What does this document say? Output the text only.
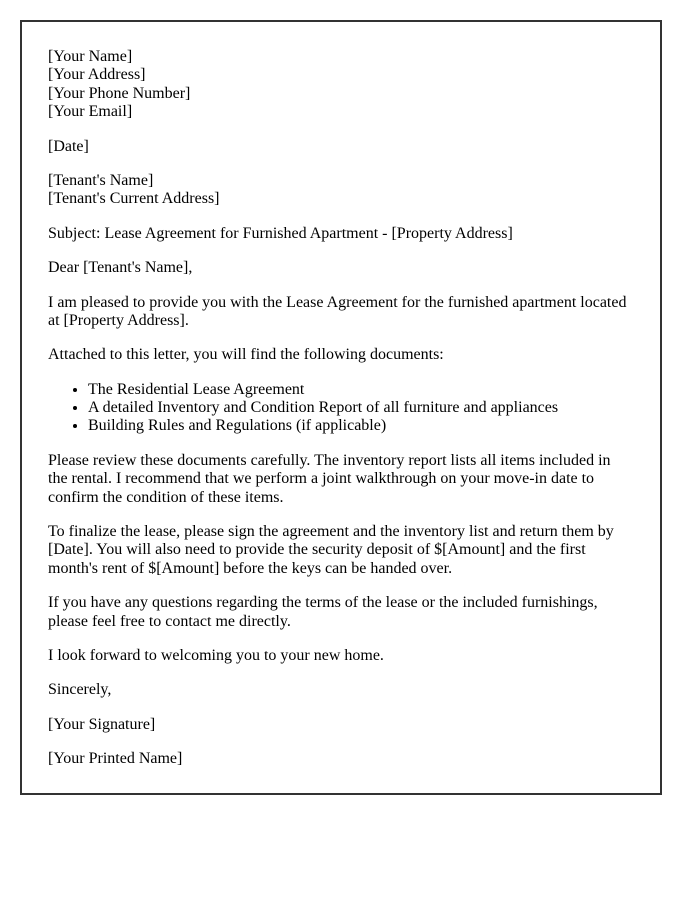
[Your Name]
[Your Address]
[Your Phone Number]
[Your Email]

[Date]

[Tenant's Name]
[Tenant's Current Address]

Subject: Lease Agreement for Furnished Apartment - [Property Address]

Dear [Tenant's Name],

I am pleased to provide you with the Lease Agreement for the furnished apartment located at [Property Address].

Attached to this letter, you will find the following documents:

• The Residential Lease Agreement
• A detailed Inventory and Condition Report of all furniture and appliances
• Building Rules and Regulations (if applicable)

Please review these documents carefully. The inventory report lists all items included in the rental. I recommend that we perform a joint walkthrough on your move-in date to confirm the condition of these items.

To finalize the lease, please sign the agreement and the inventory list and return them by [Date]. You will also need to provide the security deposit of $[Amount] and the first month's rent of $[Amount] before the keys can be handed over.

If you have any questions regarding the terms of the lease or the included furnishings, please feel free to contact me directly.

I look forward to welcoming you to your new home.

Sincerely,

[Your Signature]

[Your Printed Name]
